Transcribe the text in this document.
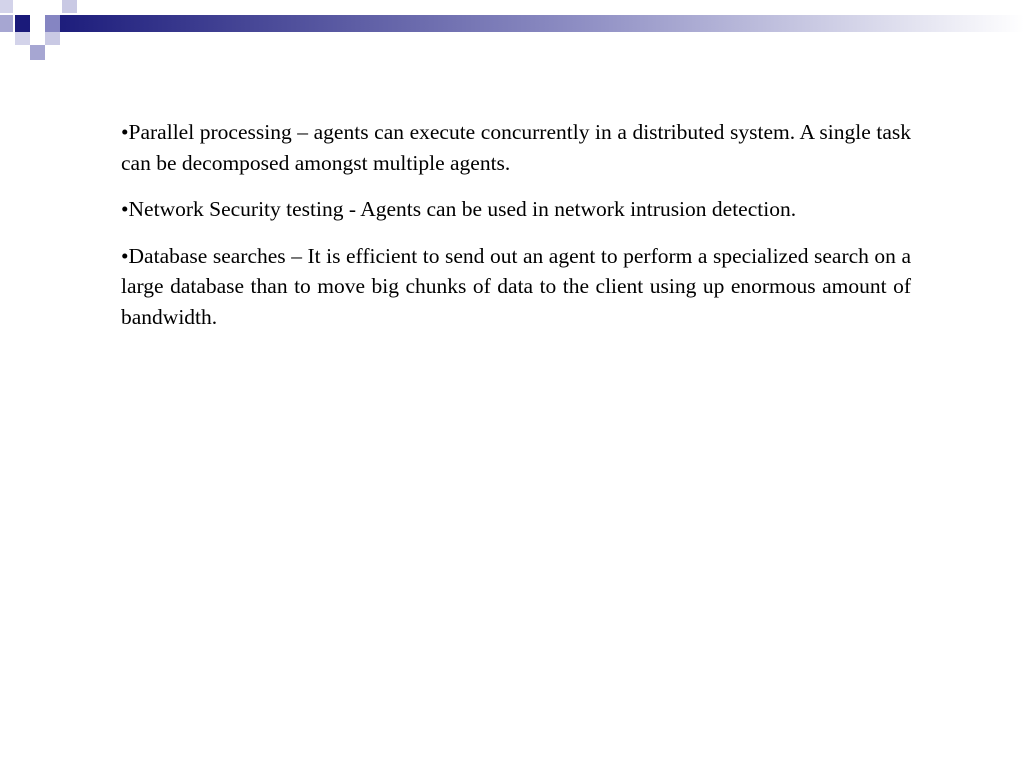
•Parallel processing – agents can execute concurrently in a distributed system. A single task can be decomposed amongst multiple agents.

•Network Security testing - Agents can be used in network intrusion detection.

•Database searches – It is efficient to send out an agent to perform a specialized search on a large database than to move big chunks of data to the client using up enormous amount of bandwidth.
